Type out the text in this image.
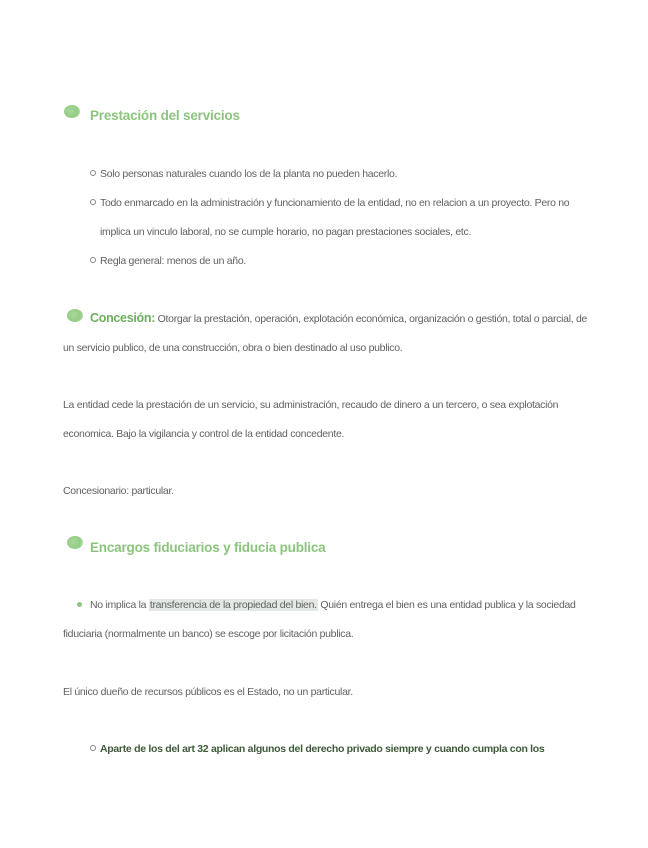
Prestación del servicios
Solo personas naturales cuando los de la planta no pueden hacerlo.
Todo enmarcado en la administración y funcionamiento de la entidad, no en relacion a un proyecto. Pero no
implica un vinculo laboral, no se cumple horario, no pagan prestaciones sociales, etc.
Regla general: menos de un año.
Concesión: Otorgar la prestación, operación, explotación económica, organización o gestión, total o parcial, de
un servicio publico, de una construcción, obra o bien destinado al uso publico.
La entidad cede la prestación de un servicio, su administración, recaudo de dinero a un tercero, o sea explotación
economica. Bajo la vigilancia y control de la entidad concedente.
Concesionario: particular.
Encargos fiduciarios y fiducia publica
No implica la transferencia de la propiedad del bien. Quién entrega el bien es una entidad publica y la sociedad
fiduciaria (normalmente un banco) se escoge por licitación publica.
El único dueño de recursos públicos es el Estado, no un particular.
Aparte de los del art 32 aplican algunos del derecho privado siempre y cuando cumpla con los
